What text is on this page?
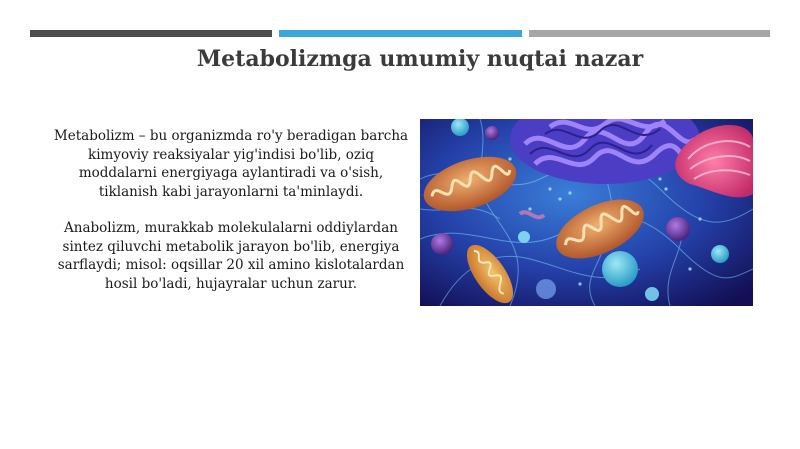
Metabolizmga umumiy nuqtai nazar

Metabolizm – bu organizmda ro'y beradigan barcha kimyoviy reaksiyalar yig'indisi bo'lib, oziq moddalarni energiyaga aylantiradi va o'sish, tiklanish kabi jarayonlarni ta'minlaydi.

Anabolizm, murakkab molekulalarni oddiylardan sintez qiluvchi metabolik jarayon bo'lib, energiya sarflaydi; misol: oqsillar 20 xil amino kislotalardan hosil bo'ladi, hujayralar uchun zarur.
